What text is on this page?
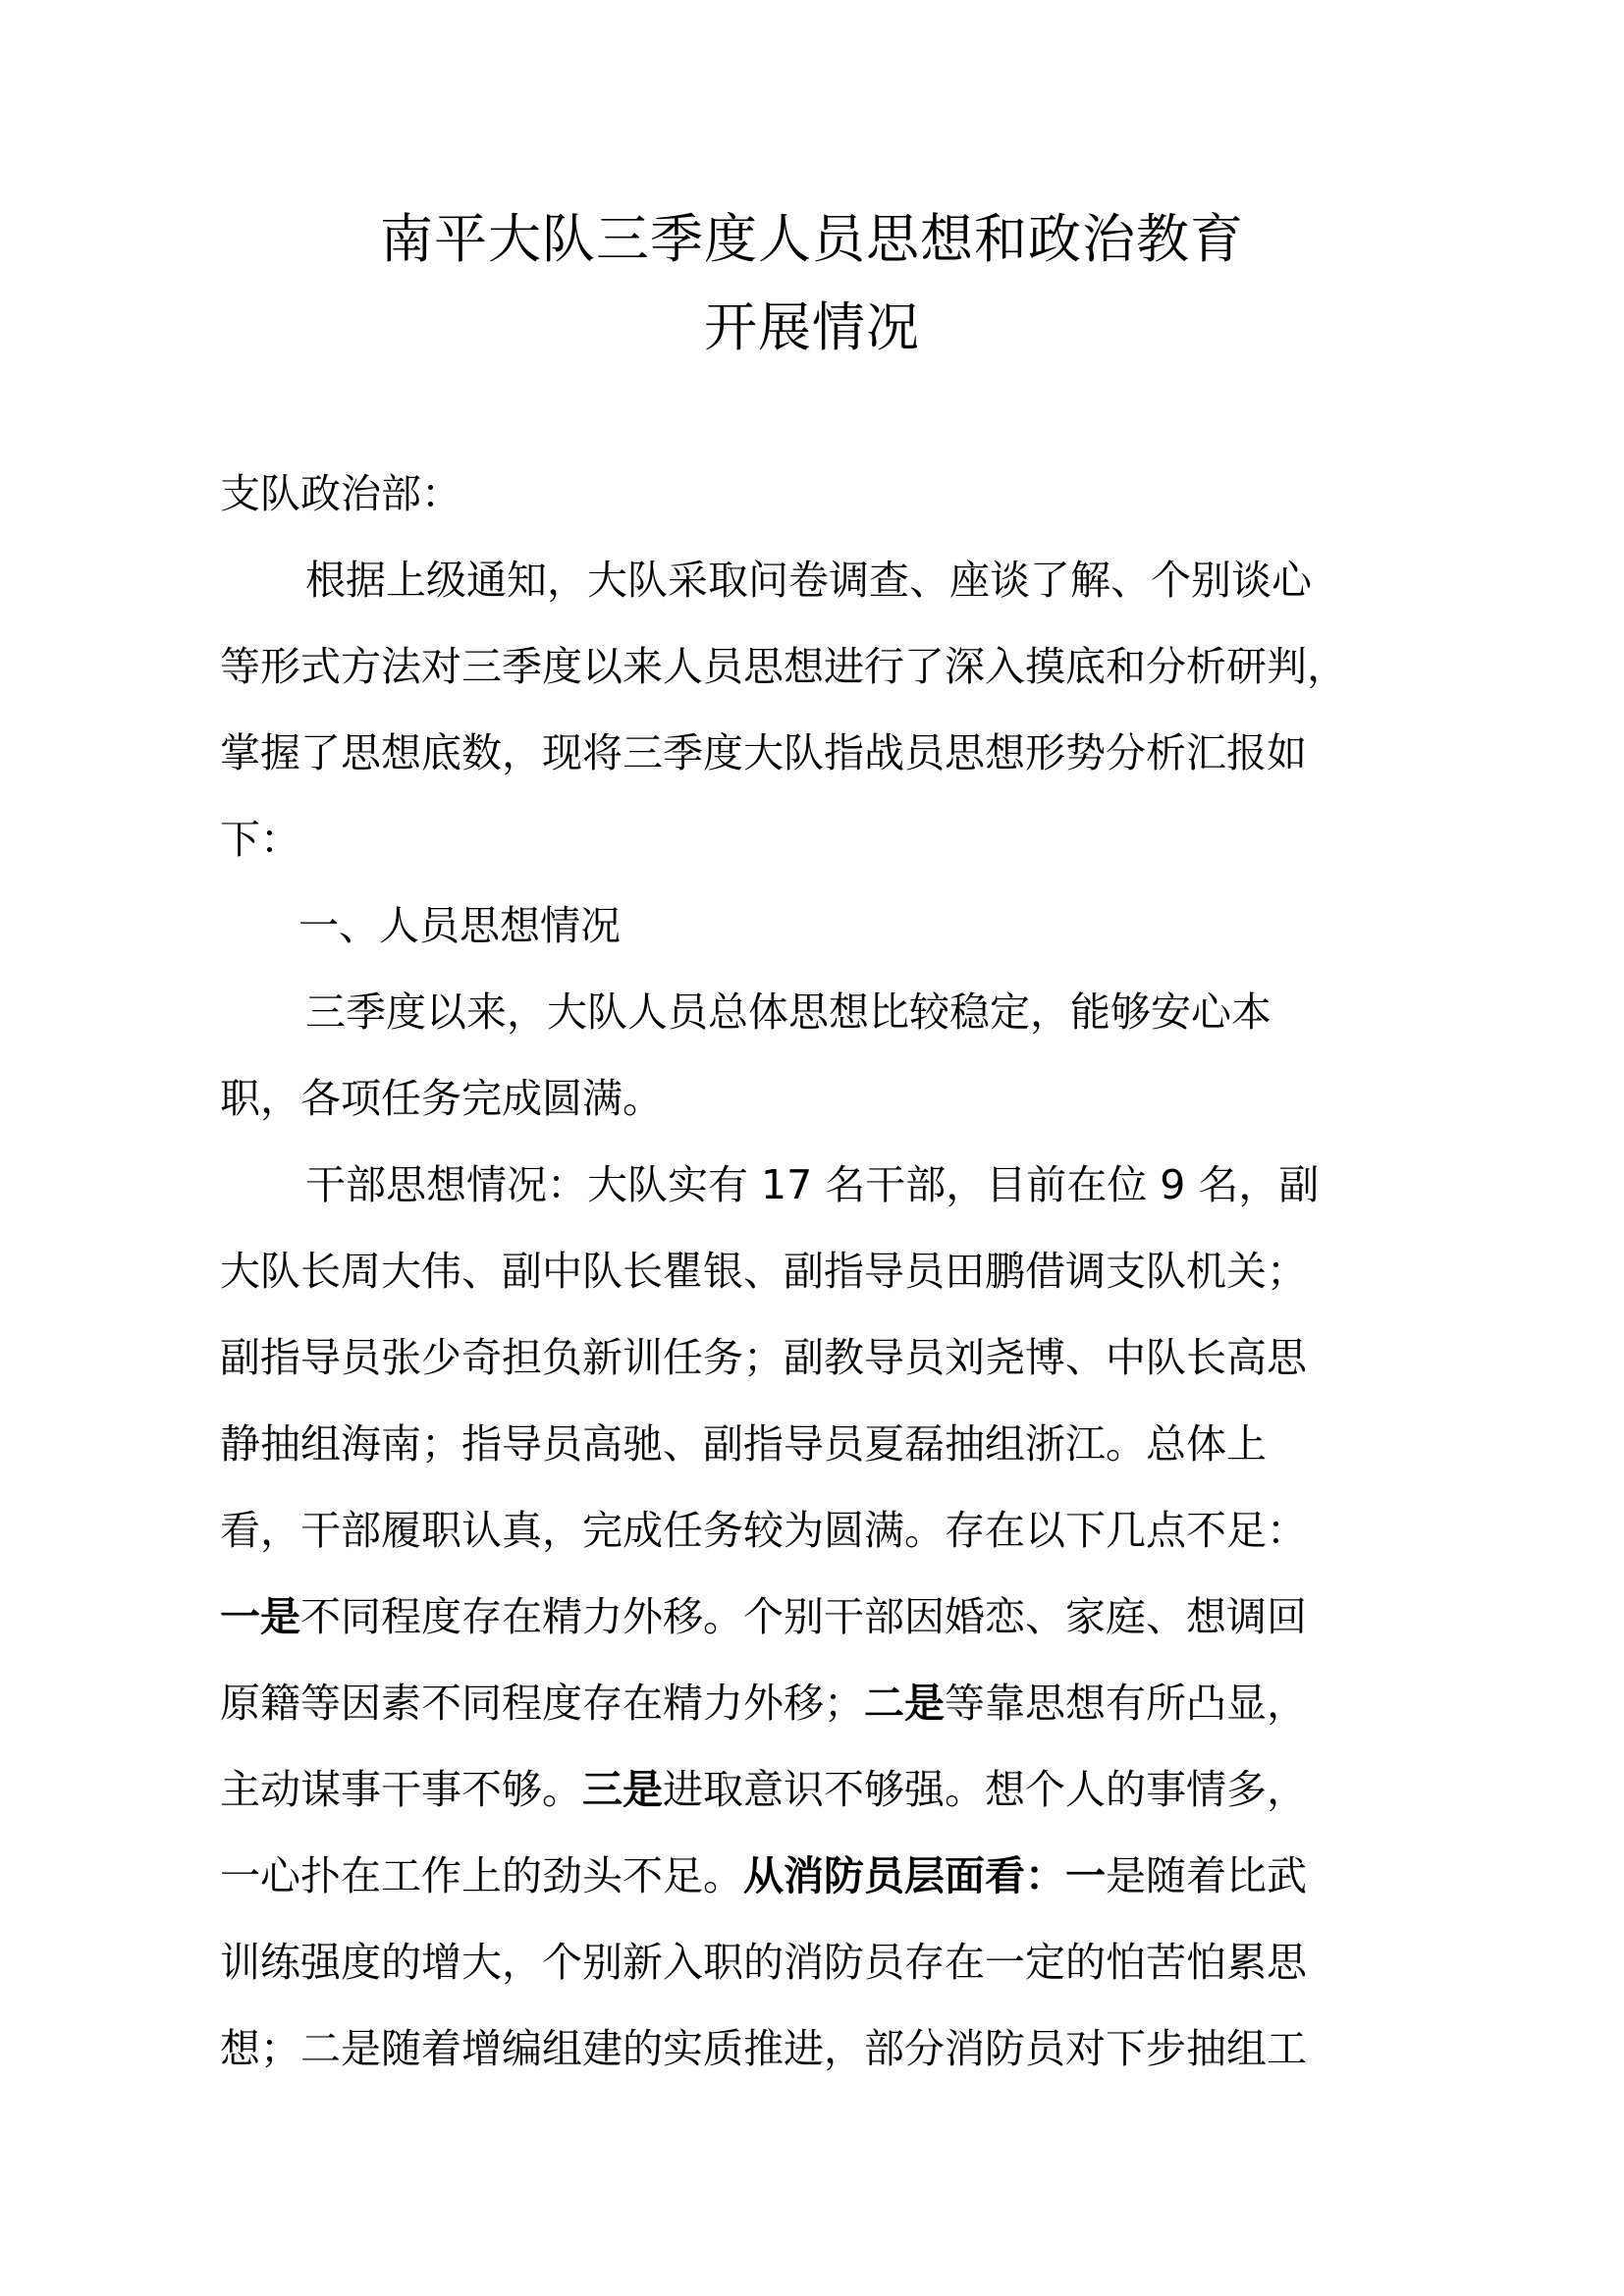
南平大队三季度人员思想和政治教育
开展情况
支队政治部：
根据上级通知，大队采取问卷调查、座谈了解、个别谈心
等形式方法对三季度以来人员思想进行了深入摸底和分析研判，
掌握了思想底数，现将三季度大队指战员思想形势分析汇报如
下：
一、人员思想情况
三季度以来，大队人员总体思想比较稳定，能够安心本
职，各项任务完成圆满。
干部思想情况：大队实有 17 名干部，目前在位 9 名，副
大队长周大伟、副中队长瞿银、副指导员田鹏借调支队机关；
副指导员张少奇担负新训任务；副教导员刘尧博、中队长高思
静抽组海南；指导员高驰、副指导员夏磊抽组浙江。总体上
看，干部履职认真，完成任务较为圆满。存在以下几点不足：
一是不同程度存在精力外移。个别干部因婚恋、家庭、想调回
原籍等因素不同程度存在精力外移；二是等靠思想有所凸显，
主动谋事干事不够。三是进取意识不够强。想个人的事情多，
一心扑在工作上的劲头不足。从消防员层面看：一是随着比武
训练强度的增大，个别新入职的消防员存在一定的怕苦怕累思
想；二是随着增编组建的实质推进，部分消防员对下步抽组工
